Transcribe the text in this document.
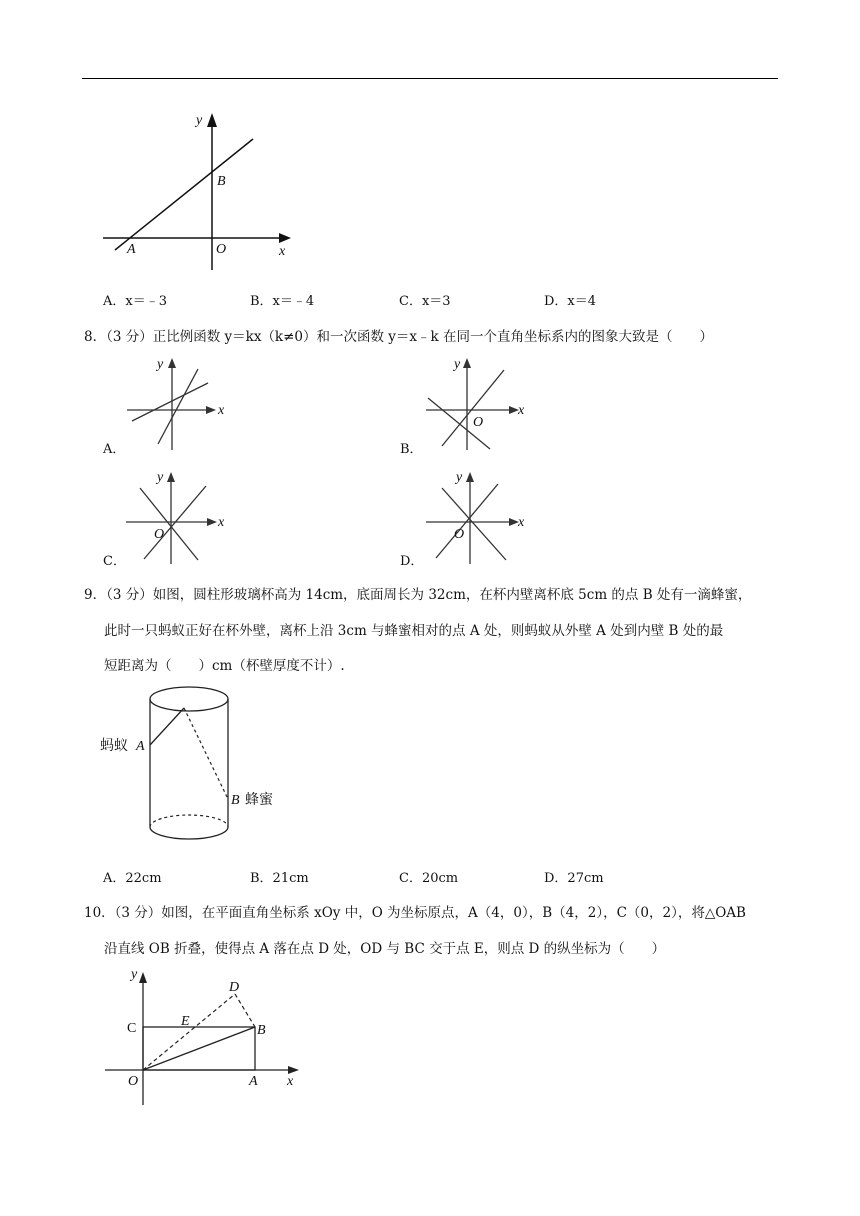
y
x
B
A	O
A．x＝﹣3	B．x＝﹣4	C．x＝3	D．x＝4
8．（3 分）正比例函数 y＝kx（k≠0）和一次函数 y＝x﹣k 在同一个直角坐标系内的图象大致是（　　）
y
x
A．
y
x
O
B．
y
x
O
C．
y
x
O
D．
9．（3 分）如图，圆柱形玻璃杯高为 14cm，底面周长为 32cm，在杯内壁离杯底 5cm 的点 B 处有一滴蜂蜜，
此时一只蚂蚁正好在杯外壁，离杯上沿 3cm 与蜂蜜相对的点 A 处，则蚂蚁从外壁 A 处到内壁 B 处的最
短距离为（　　）cm（杯壁厚度不计）.
蚂蚁 A
B 蜂蜜
A．22cm	B．21cm	C．20cm	D．27cm
10．（3 分）如图，在平面直角坐标系 xOy 中，O 为坐标原点，A（4，0），B（4，2），C（0，2），将△OAB
沿直线 OB 折叠，使得点 A 落在点 D 处，OD 与 BC 交于点 E，则点 D 的纵坐标为（　　）
y
x
C	E
B
D
O	A
